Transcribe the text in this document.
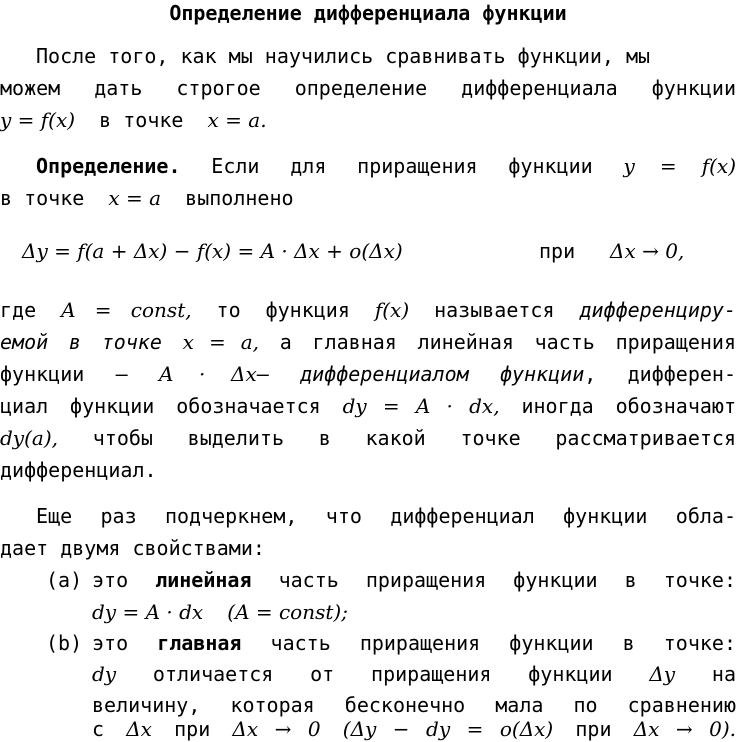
Определение дифференциала функции
После того, как мы научились сравнивать функции, мы
можем дать строгое определение дифференциала функции
y = f(x) в точке x = a.
Определение. Если для приращения функции y = f(x)
в точке x = a выполнено
Δy = f(a + Δx) − f(x) = A · Δx + o(Δx)	при Δx → 0,
где A = const, то функция f(x) называется дифференциру-
емой в точке x = a, а главная линейная часть приращения
функции — A · Δx— дифференциалом функции, дифферен-
циал функции обозначается dy = A · dx, иногда обозначают
dy(a), чтобы выделить в какой точке рассматривается
дифференциал.
Еще раз подчеркнем, что дифференциал функции обла-
дает двумя свойствами:
(a) это линейная часть приращения функции в точке:
dy = A · dx (A = const);
(b) это главная часть приращения функции в точке:
dy отличается от приращения функции Δy на
величину, которая бесконечно мала по сравнению
с Δx при Δx → 0 (Δy − dy = o(Δx) при Δx → 0).
